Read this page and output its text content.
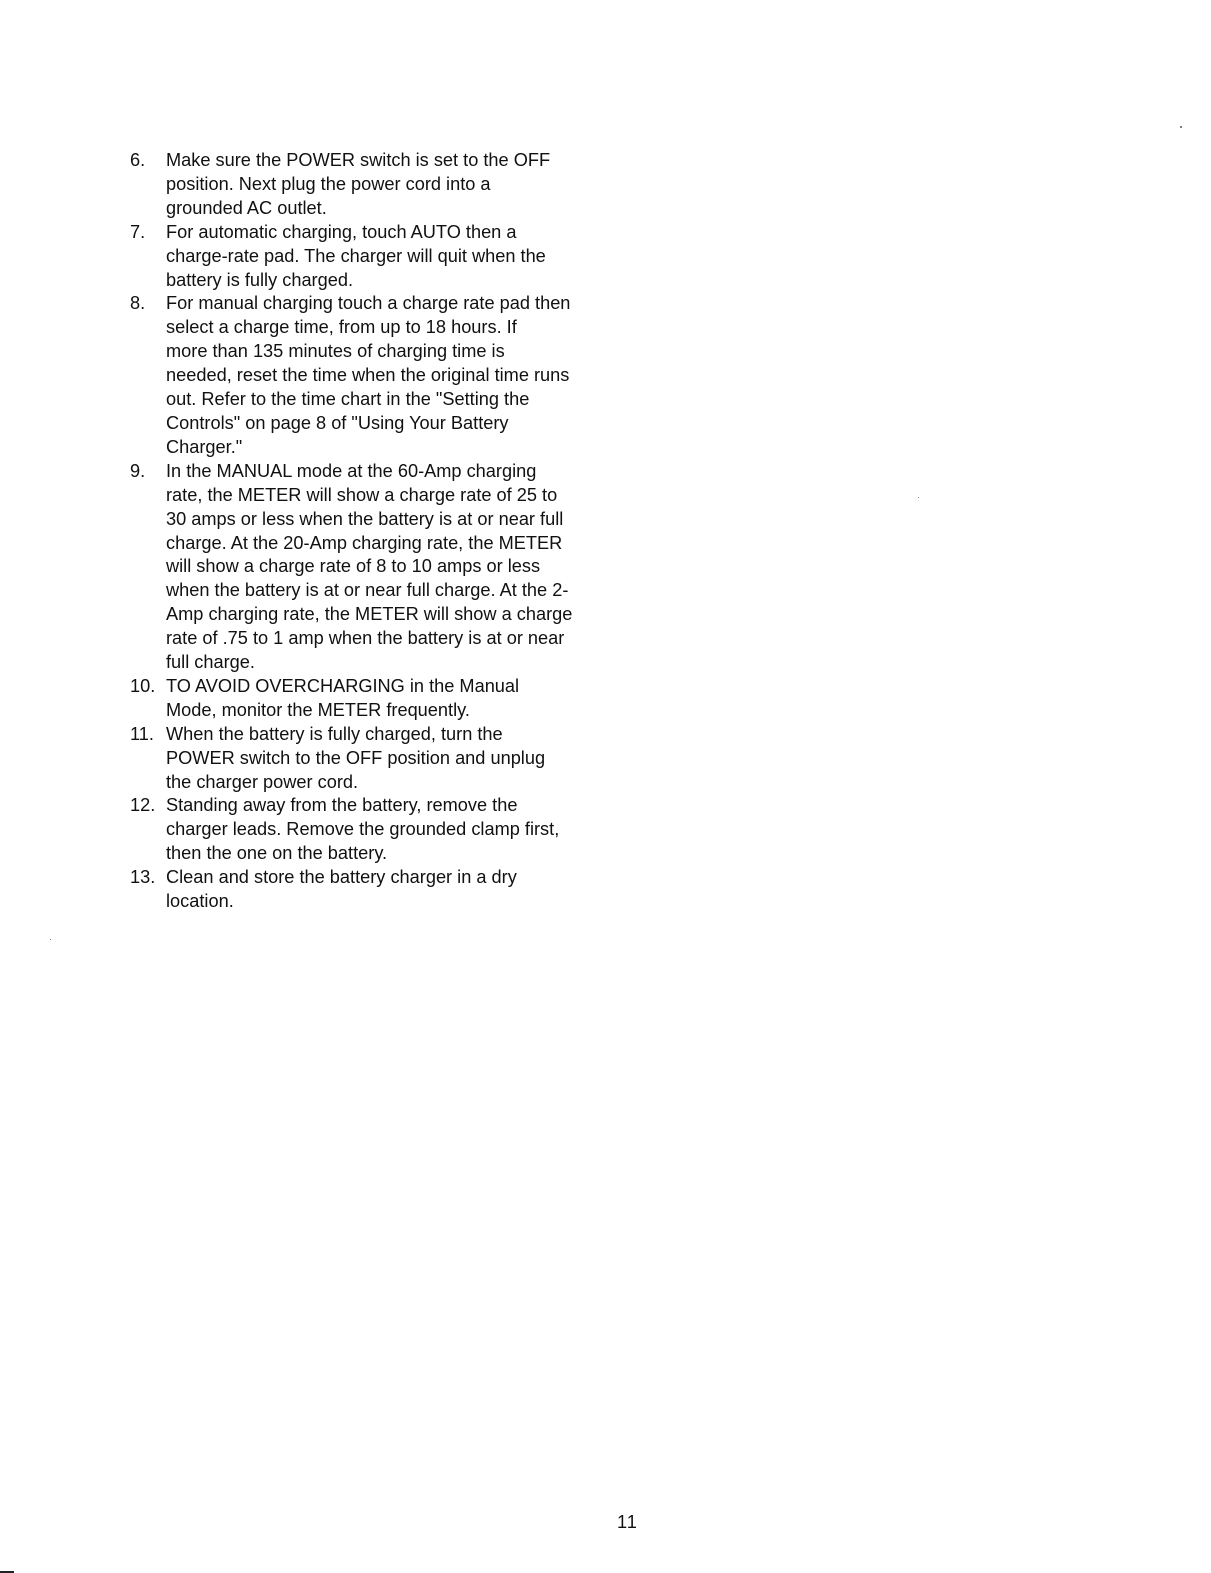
6.	Make sure the POWER switch is set to the OFF
position. Next plug the power cord into a
grounded AC outlet.
7.	For automatic charging, touch AUTO then a
charge-rate pad. The charger will quit when the
battery is fully charged.
8.	For manual charging touch a charge rate pad then
select a charge time, from up to 18 hours. If
more than 135 minutes of charging time is
needed, reset the time when the original time runs
out. Refer to the time chart in the "Setting the
Controls" on page 8 of "Using Your Battery
Charger."
9.	In the MANUAL mode at the 60-Amp charging
rate, the METER will show a charge rate of 25 to
30 amps or less when the battery is at or near full
charge. At the 20-Amp charging rate, the METER
will show a charge rate of 8 to 10 amps or less
when the battery is at or near full charge. At the 2-
Amp charging rate, the METER will show a charge
rate of .75 to 1 amp when the battery is at or near
full charge.
10. TO AVOID OVERCHARGING in the Manual
Mode, monitor the METER frequently.
11. When the battery is fully charged, turn the
POWER switch to the OFF position and unplug
the charger power cord.
12. Standing away from the battery, remove the
charger leads. Remove the grounded clamp first,
then the one on the battery.
13. Clean and store the battery charger in a dry
location.
11
